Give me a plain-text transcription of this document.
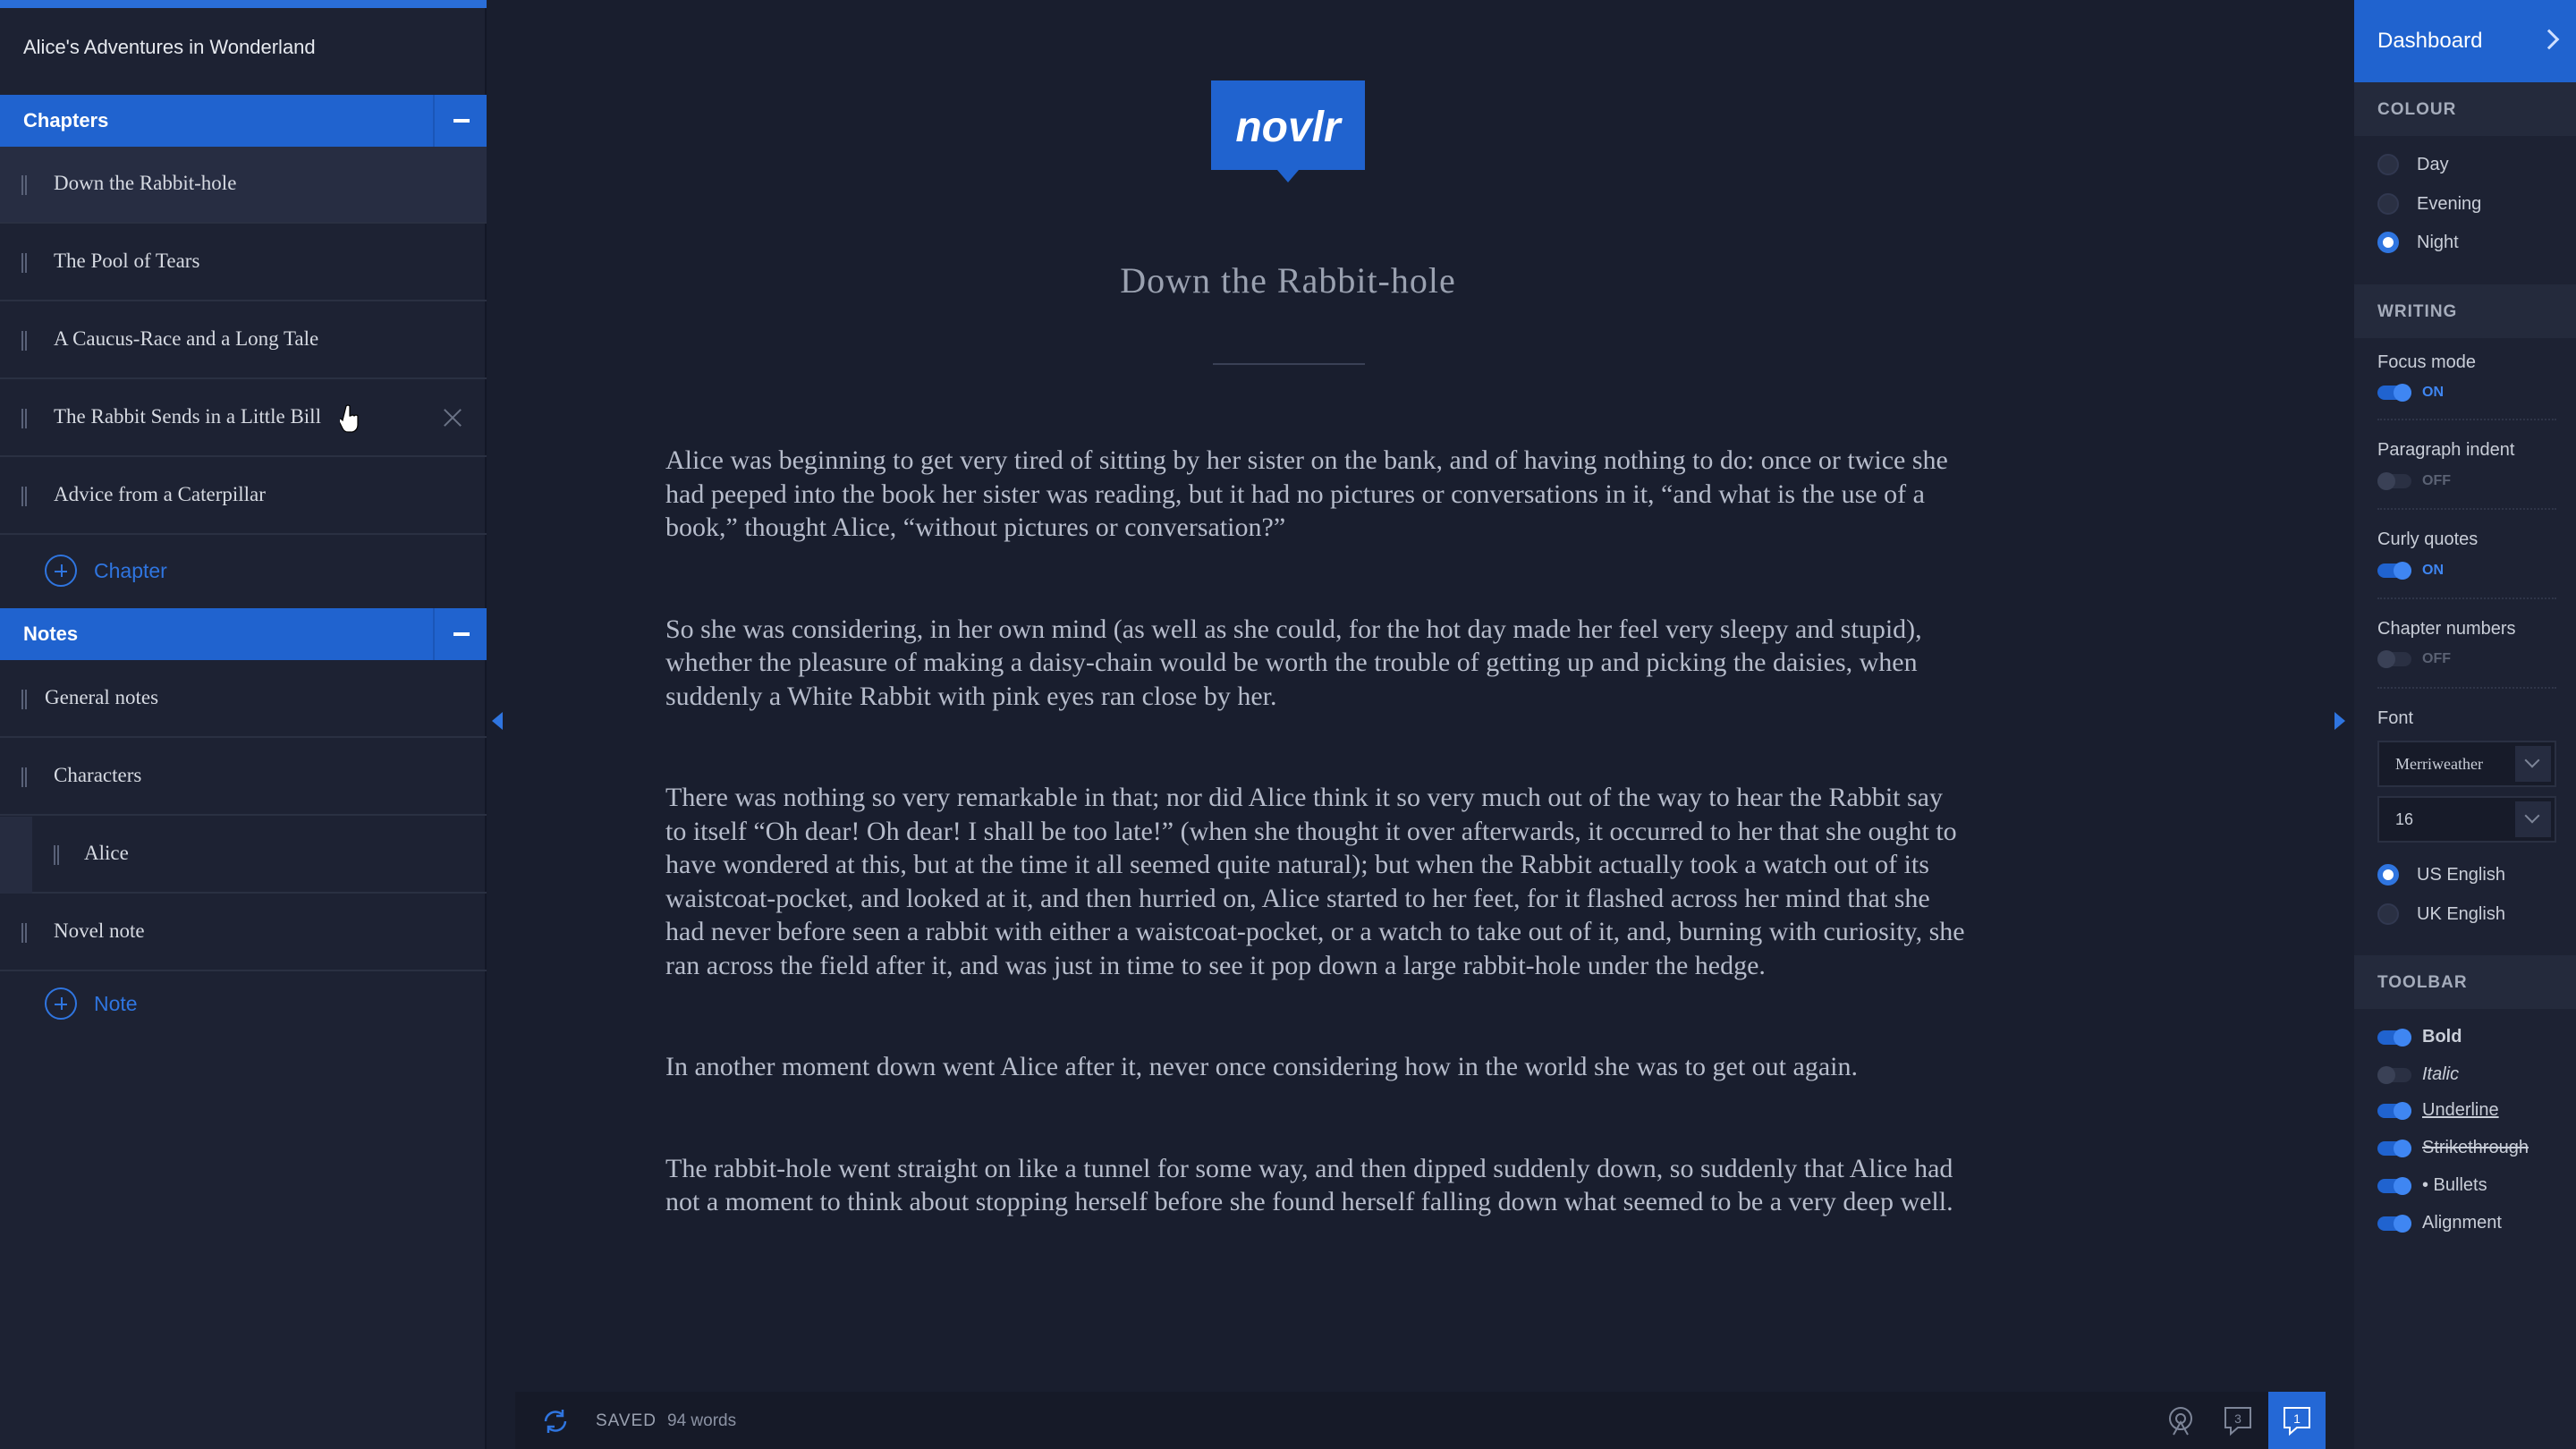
Alice's Adventures in Wonderland
Chapters
Down the Rabbit-hole
The Pool of Tears
A Caucus-Race and a Long Tale
The Rabbit Sends in a Little Bill
Advice from a Caterpillar
Chapter
Notes
General notes
Characters
Alice
Novel note
Note
novlr
Down the Rabbit-hole

Alice was beginning to get very tired of sitting by her sister on the bank, and of having nothing to do: once or twice she had peeped into the book her sister was reading, but it had no pictures or conversations in it, “and what is the use of a book,” thought Alice, “without pictures or conversation?”

So she was considering, in her own mind (as well as she could, for the hot day made her feel very sleepy and stupid), whether the pleasure of making a daisy-chain would be worth the trouble of getting up and picking the daisies, when suddenly a White Rabbit with pink eyes ran close by her.

There was nothing so very remarkable in that; nor did Alice think it so very much out of the way to hear the Rabbit say to itself “Oh dear! Oh dear! I shall be too late!” (when she thought it over afterwards, it occurred to her that she ought to have wondered at this, but at the time it all seemed quite natural); but when the Rabbit actually took a watch out of its waistcoat-pocket, and looked at it, and then hurried on, Alice started to her feet, for it flashed across her mind that she had never before seen a rabbit with either a waistcoat-pocket, or a watch to take out of it, and, burning with curiosity, she ran across the field after it, and was just in time to see it pop down a large rabbit-hole under the hedge.

In another moment down went Alice after it, never once considering how in the world she was to get out again.

The rabbit-hole went straight on like a tunnel for some way, and then dipped suddenly down, so suddenly that Alice had not a moment to think about stopping herself before she found herself falling down what seemed to be a very deep well.

SAVED 94 words	3	1
Dashboard
COLOUR
Day
Evening
Night
WRITING
Focus mode
ON
Paragraph indent
OFF
Curly quotes
ON
Chapter numbers
OFF
Font
Merriweather
16
US English
UK English
TOOLBAR
Bold
Italic
Underline
Strikethrough
• Bullets
Alignment
